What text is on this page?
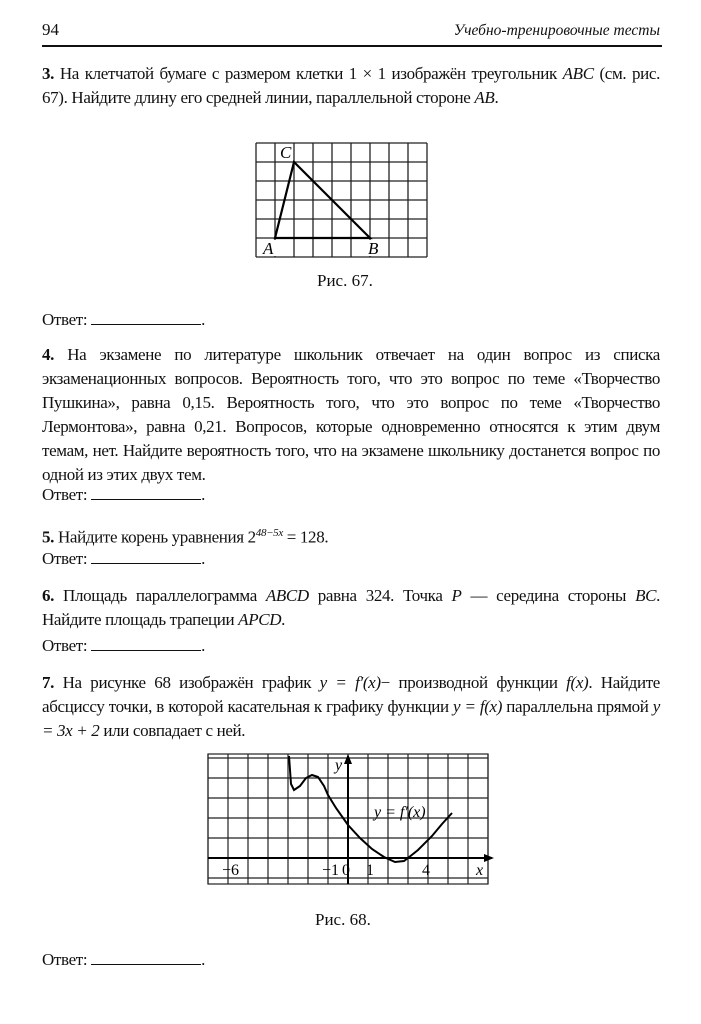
94	Учебно-тренировочные тесты
3. На клетчатой бумаге с размером клетки 1 × 1 изображён треугольник ABC (см. рис. 67). Найдите длину его средней линии, параллельной стороне AB.
A	B
C
Рис. 67.
Ответ:	.
4. На экзамене по литературе школьник отвечает на один вопрос из списка экзаменационных вопросов. Вероятность того, что это вопрос по теме «Творчество Пушкина», равна 0,15. Вероятность того, что это вопрос по теме «Творчество Лермонтова», равна 0,21. Вопросов, которые одновременно относятся к этим двум темам, нет. Найдите вероятность того, что на экзамене школьнику достанется вопрос по одной из этих двух тем.
Ответ:	.
5. Найдите корень уравнения $2^{48-5x} = 128$.
Ответ:	.
6. Площадь параллелограмма ABCD равна 324. Точка P — середина стороны BC. Найдите площадь трапеции APCD.
Ответ:	.
7. На рисунке 68 изображён график y = f′(x)− производной функции f(x). Найдите абсциссу точки, в которой касательная к графику функции y = f(x) параллельна прямой y = 3x + 2 или совпадает с ней.
y
x
−6	−1 0 1	4
y = f′(x)
Рис. 68.
Ответ:	.
